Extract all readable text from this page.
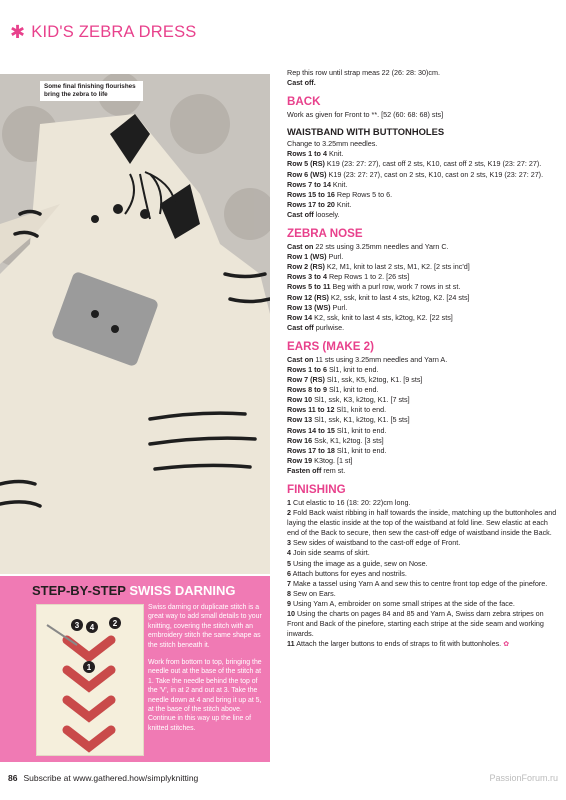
✱ KID'S ZEBRA DRESS
Some final finishing flourishes bring the zebra to life
STEP-BY-STEP SWISS DARNING
3 4 2
1

Swiss darning or duplicate stitch is a great way to add small details to your knitting, covering the stitch with an embroidery stitch the same shape as the stitch beneath it.

Work from bottom to top, bringing the needle out at the base of the stitch at 1. Take the needle behind the top of the 'V', in at 2 and out at 3. Take the needle down at 4 and bring it up at 5, at the base of the stitch above. Continue in this way up the line of knitted stitches.

Rep this row until strap meas 22 (26: 28: 30)cm.

Cast off.

BACK

Work as given for Front to **. [52 (60: 68: 68) sts]

WAISTBAND WITH BUTTONHOLES

Change to 3.25mm needles.

Rows 1 to 4 Knit.

Row 5 (RS) K19 (23: 27: 27), cast off 2 sts, K10, cast off 2 sts, K19 (23: 27: 27).

Row 6 (WS) K19 (23: 27: 27), cast on 2 sts, K10, cast on 2 sts, K19 (23: 27: 27).

Rows 7 to 14 Knit.

Rows 15 to 16 Rep Rows 5 to 6.

Rows 17 to 20 Knit.

Cast off loosely.

ZEBRA NOSE

Cast on 22 sts using 3.25mm needles and Yarn C.

Row 1 (WS) Purl.

Row 2 (RS) K2, M1, knit to last 2 sts, M1, K2. [2 sts inc'd]

Rows 3 to 4 Rep Rows 1 to 2. [26 sts]

Rows 5 to 11 Beg with a purl row, work 7 rows in st st.

Row 12 (RS) K2, ssk, knit to last 4 sts, k2tog, K2. [24 sts]

Row 13 (WS) Purl.

Row 14 K2, ssk, knit to last 4 sts, k2tog, K2. [22 sts]

Cast off purlwise.

EARS (MAKE 2)

Cast on 11 sts using 3.25mm needles and Yarn A.

Rows 1 to 6 Sl1, knit to end.

Row 7 (RS) Sl1, ssk, K5, k2tog, K1. [9 sts]

Rows 8 to 9 Sl1, knit to end.

Row 10 Sl1, ssk, K3, k2tog, K1. [7 sts]

Rows 11 to 12 Sl1, knit to end.

Row 13 Sl1, ssk, K1, k2tog, K1. [5 sts]

Rows 14 to 15 Sl1, knit to end.

Row 16 Ssk, K1, k2tog. [3 sts]

Rows 17 to 18 Sl1, knit to end.

Row 19 K3tog. [1 st]

Fasten off rem st.

FINISHING

1 Cut elastic to 16 (18: 20: 22)cm long.

2 Fold Back waist ribbing in half towards the inside, matching up the buttonholes and laying the elastic inside at the top of the waistband at fold line. Sew elastic at each end of the Back to secure, then sew the cast-off edge of waistband inside the Back.

3 Sew sides of waistband to the cast-off edge of Front.

4 Join side seams of skirt.

5 Using the image as a guide, sew on Nose.

6 Attach buttons for eyes and nostrils.

7 Make a tassel using Yarn A and sew this to centre front top edge of the pinefore.

8 Sew on Ears.

9 Using Yarn A, embroider on some small stripes at the side of the face.

10 Using the charts on pages 84 and 85 and Yarn A, Swiss darn zebra stripes on Front and Back of the pinefore, starting each stripe at the side seam and working inwards.

11 Attach the larger buttons to ends of straps to fit with buttonholes. ✿

86 Subscribe at www.gathered.how/simplyknitting	PassionForum.ru
